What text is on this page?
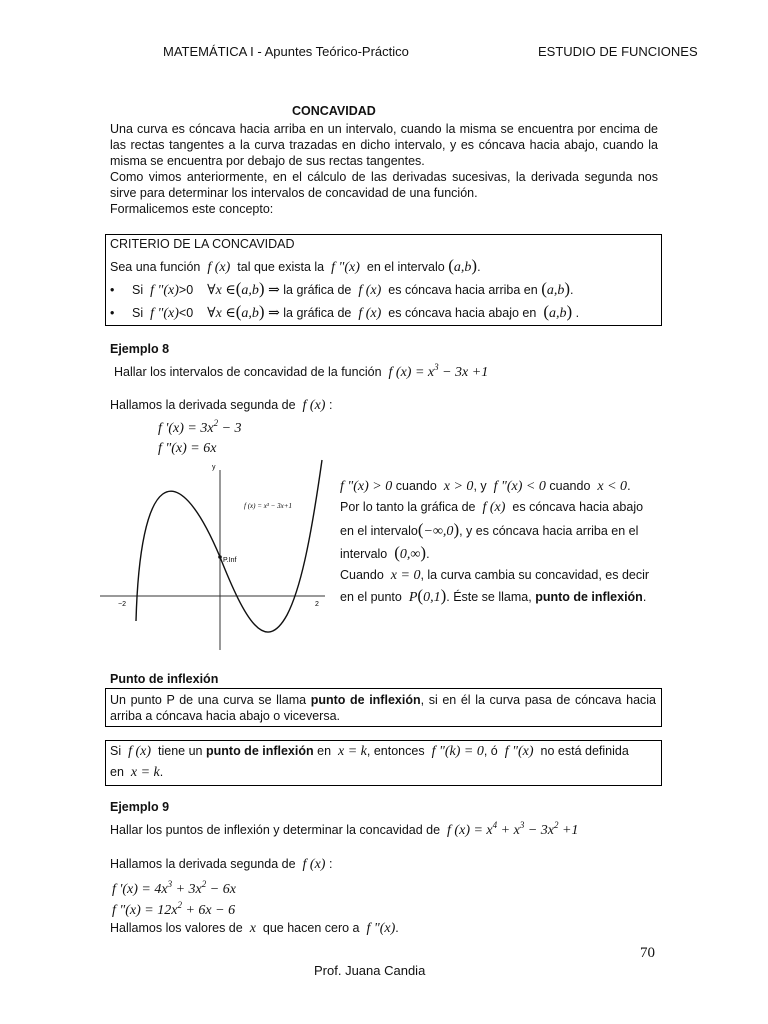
MATEMÁTICA I - Apuntes Teórico-Práctico	ESTUDIO DE FUNCIONES
CONCAVIDAD
Una curva es cóncava hacia arriba en un intervalo, cuando la misma se encuentra por encima de las rectas tangentes a la curva trazadas en dicho intervalo, y es cóncava hacia abajo, cuando la misma se encuentra por debajo de sus rectas tangentes.
Como vimos anteriormente, en el cálculo de las derivadas sucesivas, la derivada segunda nos sirve para determinar los intervalos de concavidad de una función.
Formalicemos este concepto:
CRITERIO DE LA CONCAVIDAD
Sea una función  f (x)  tal que exista la  f "(x)  en el intervalo (a,b).
• Si  f "(x)>0    ∀x ∈(a,b) ⇒ la gráfica de  f (x)  es cóncava hacia arriba en (a,b).
• Si  f "(x)<0    ∀x ∈(a,b) ⇒ la gráfica de  f (x)  es cóncava hacia abajo en (a,b) .
Ejemplo 8
Hallar los intervalos de concavidad de la función  f $(x) = x^3 - 3x +1$
Hallamos la derivada segunda de  f (x) :
f '$(x) = 3x^2 - 3$
f "(x) = 6x
y
f (x) = x³ − 3x+1
P.Inf
−2	2
f "(x) > 0 cuando  x > 0, y  f "(x) < 0 cuando  x < 0.
Por lo tanto la gráfica de  f (x)  es cóncava hacia abajo
en el intervalo(−∞,0), y es cóncava hacia arriba en el
intervalo (0,∞).
Cuando  x = 0, la curva cambia su concavidad, es decir
en el punto  P(0,1). Éste se llama, punto de inflexión.
Punto de inflexión
Un punto P de una curva se llama punto de inflexión, si en él la curva pasa de cóncava hacia arriba a cóncava hacia abajo o viceversa.
Si  f (x)  tiene un punto de inflexión en  x = k, entonces  f "(k) = 0, ó  f "(x)  no está definida
en  x = k.
Ejemplo 9
Hallar los puntos de inflexión y determinar la concavidad de  f $(x) = x^4 + x^3 - 3x^2 +1$
Hallamos la derivada segunda de  f (x) :
f '$(x) = 4x^3 + 3x^2 - 6x$
f "$(x) = 12x^2 + 6x - 6$
Hallamos los valores de  x  que hacen cero a  f "(x).
70
Prof. Juana Candia
